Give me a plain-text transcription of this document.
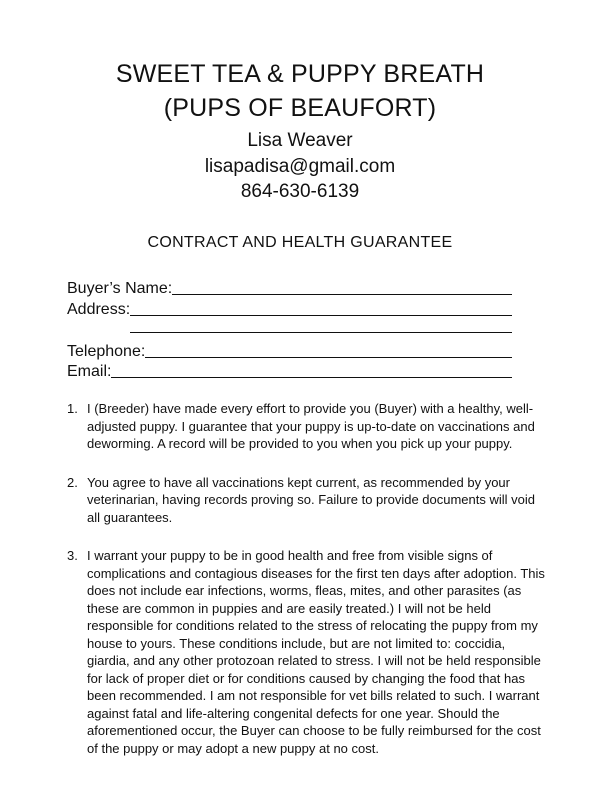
SWEET TEA & PUPPY BREATH
(PUPS OF BEAUFORT)
Lisa Weaver
lisapadisa@gmail.com
864-630-6139
CONTRACT AND HEALTH GUARANTEE
Buyer’s Name:
Address:
Telephone:
Email:
1. I (Breeder) have made every effort to provide you (Buyer) with a healthy, well-adjusted puppy. I guarantee that your puppy is up-to-date on vaccinations and deworming. A record will be provided to you when you pick up your puppy.
2. You agree to have all vaccinations kept current, as recommended by your veterinarian, having records proving so. Failure to provide documents will void all guarantees.
3. I warrant your puppy to be in good health and free from visible signs of complications and contagious diseases for the first ten days after adoption. This does not include ear infections, worms, fleas, mites, and other parasites (as these are common in puppies and are easily treated.) I will not be held responsible for conditions related to the stress of relocating the puppy from my house to yours. These conditions include, but are not limited to: coccidia, giardia, and any other protozoan related to stress. I will not be held responsible for lack of proper diet or for conditions caused by changing the food that has been recommended. I am not responsible for vet bills related to such. I warrant against fatal and life-altering congenital defects for one year. Should the aforementioned occur, the Buyer can choose to be fully reimbursed for the cost of the puppy or may adopt a new puppy at no cost.
